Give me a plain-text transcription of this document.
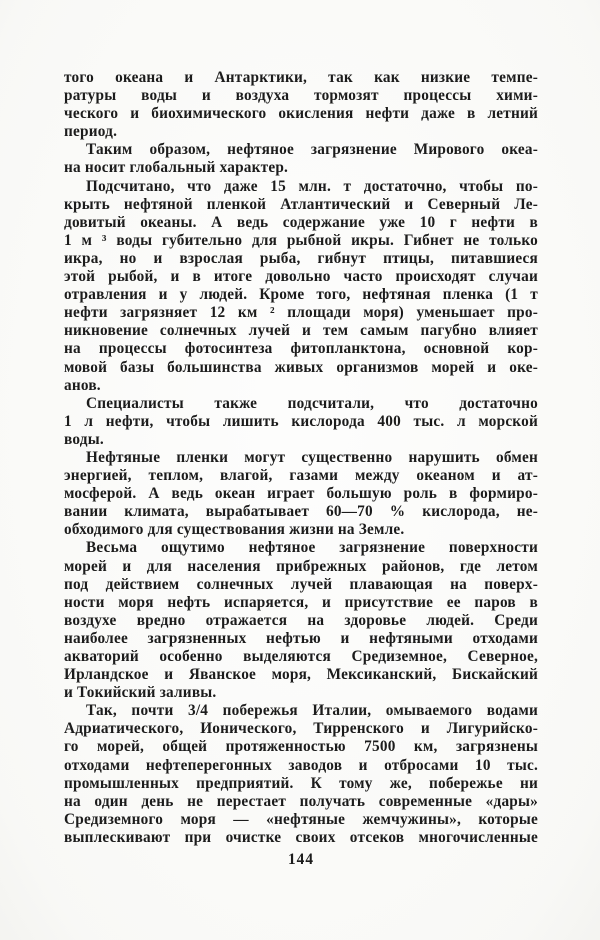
того океана и Антарктики, так как низкие темпе-
ратуры воды и воздуха тормозят процессы хими-
ческого и биохимического окисления нефти даже в летний
период.

Таким образом, нефтяное загрязнение Мирового океа-
на носит глобальный характер.

Подсчитано, что даже 15 млн. т достаточно, чтобы по-
крыть нефтяной пленкой Атлантический и Северный Ле-
довитый океаны. А ведь содержание уже 10 г нефти в
1 м ³ воды губительно для рыбной икры. Гибнет не только
икра, но и взрослая рыба, гибнут птицы, питавшиеся
этой рыбой, и в итоге довольно часто происходят случаи
отравления и у людей. Кроме того, нефтяная пленка (1 т
нефти загрязняет 12 км ² площади моря) уменьшает про-
никновение солнечных лучей и тем самым пагубно влияет
на процессы фотосинтеза фитопланктона, основной кор-
мовой базы большинства живых организмов морей и оке-
анов.

Специалисты также подсчитали, что достаточно
1 л нефти, чтобы лишить кислорода 400 тыс. л морской
воды.

Нефтяные пленки могут существенно нарушить обмен
энергией, теплом, влагой, газами между океаном и ат-
мосферой. А ведь океан играет большую роль в формиро-
вании климата, вырабатывает 60—70 % кислорода, не-
обходимого для существования жизни на Земле.

Весьма ощутимо нефтяное загрязнение поверхности
морей и для населения прибрежных районов, где летом
под действием солнечных лучей плавающая на поверх-
ности моря нефть испаряется, и присутствие ее паров в
воздухе вредно отражается на здоровье людей. Среди
наиболее загрязненных нефтью и нефтяными отходами
акваторий особенно выделяются Средиземное, Северное,
Ирландское и Яванское моря, Мексиканский, Бискайский
и Токийский заливы.

Так, почти 3/4 побережья Италии, омываемого водами
Адриатического, Ионического, Тирренского и Лигурийско-
го морей, общей протяженностью 7500 км, загрязнены
отходами нефтеперегонных заводов и отбросами 10 тыс.
промышленных предприятий. К тому же, побережье ни
на один день не перестает получать современные «дары»
Средиземного моря — «нефтяные жемчужины», которые
выплескивают при очистке своих отсеков многочисленные

144
